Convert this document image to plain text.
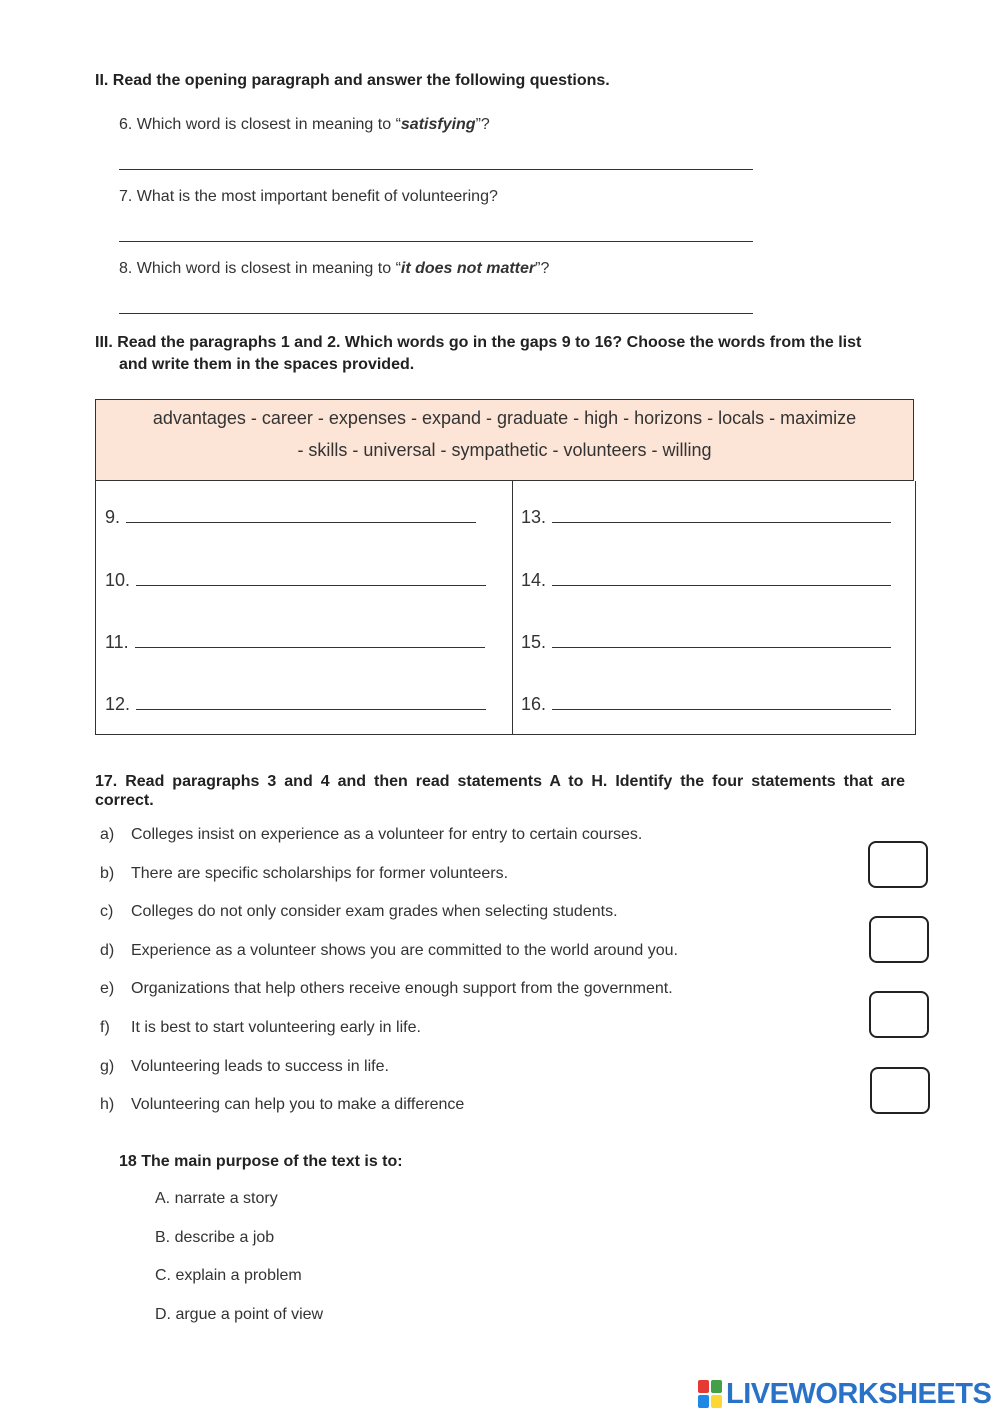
II. Read the opening paragraph and answer the following questions.
6. Which word is closest in meaning to “satisfying”?
7. What is the most important benefit of volunteering?
8. Which word is closest in meaning to “it does not matter”?
III. Read the paragraphs 1 and 2. Which words go in the gaps 9 to 16? Choose the words from the list
and write them in the spaces provided.
advantages - career - expenses - expand - graduate - high - horizons - locals - maximize
- skills - universal - sympathetic - volunteers - willing
9.
10.
11.
12.
13.
14.
15.
16.
17. Read paragraphs 3 and 4 and then read statements A to H. Identify the four statements that are
correct.
a) Colleges insist on experience as a volunteer for entry to certain courses.
b) There are specific scholarships for former volunteers.
c) Colleges do not only consider exam grades when selecting students.
d) Experience as a volunteer shows you are committed to the world around you.
e) Organizations that help others receive enough support from the government.
f) It is best to start volunteering early in life.
g) Volunteering leads to success in life.
h) Volunteering can help you to make a difference
18 The main purpose of the text is to:
A. narrate a story
B. describe a job
C. explain a problem
D. argue a point of view
LIVEWORKSHEETS
